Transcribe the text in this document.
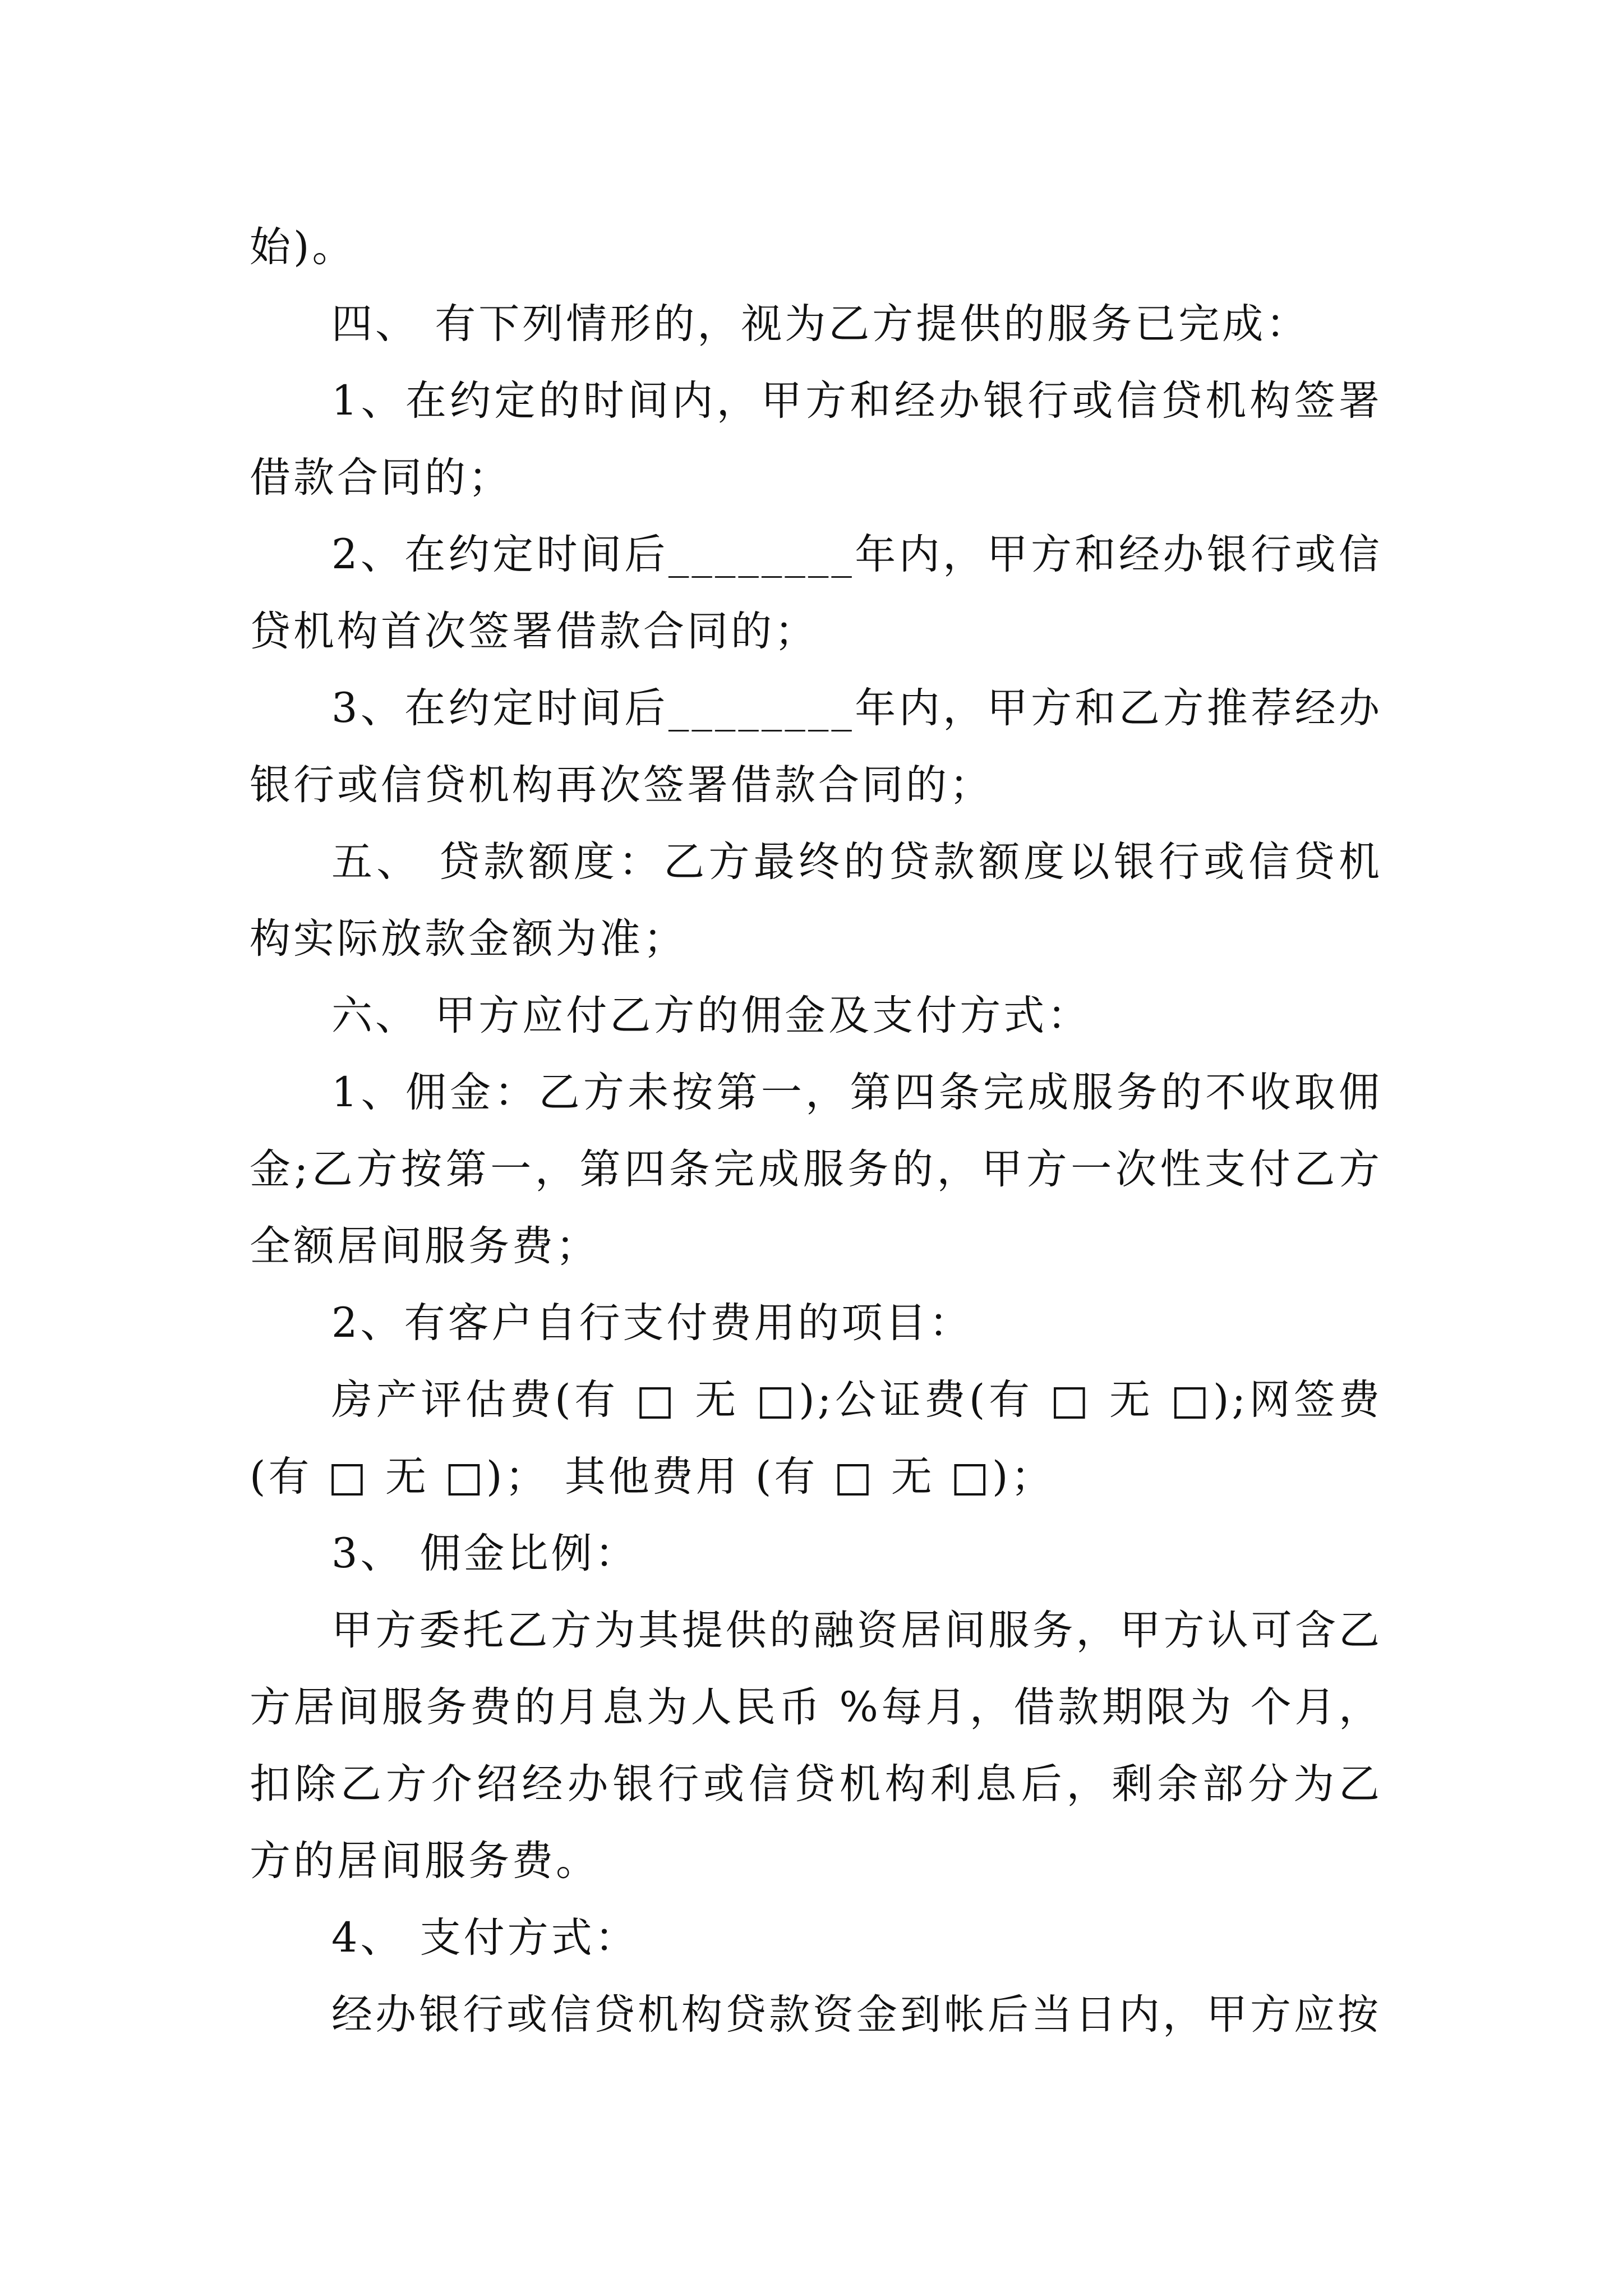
始)。

四、 有下列情形的，视为乙方提供的服务已完成：

1、在约定的时间内，甲方和经办银行或信贷机构签署借款合同的；

2、在约定时间后________年内，甲方和经办银行或信贷机构首次签署借款合同的；

3、在约定时间后________年内，甲方和乙方推荐经办银行或信贷机构再次签署借款合同的；

五、 贷款额度：乙方最终的贷款额度以银行或信贷机构实际放款金额为准；

六、 甲方应付乙方的佣金及支付方式：

1、佣金：乙方未按第一，第四条完成服务的不收取佣金;乙方按第一，第四条完成服务的，甲方一次性支付乙方全额居间服务费；

2、有客户自行支付费用的项目：

房产评估费(有 □ 无 □);公证费(有 □ 无 □);网签费(有 □ 无 □)； 其他费用 (有 □ 无 □)；

3、 佣金比例：

甲方委托乙方为其提供的融资居间服务，甲方认可含乙方居间服务费的月息为人民币 %每月，借款期限为 个月，扣除乙方介绍经办银行或信贷机构利息后，剩余部分为乙方的居间服务费。

4、 支付方式：

经办银行或信贷机构贷款资金到帐后当日内，甲方应按
